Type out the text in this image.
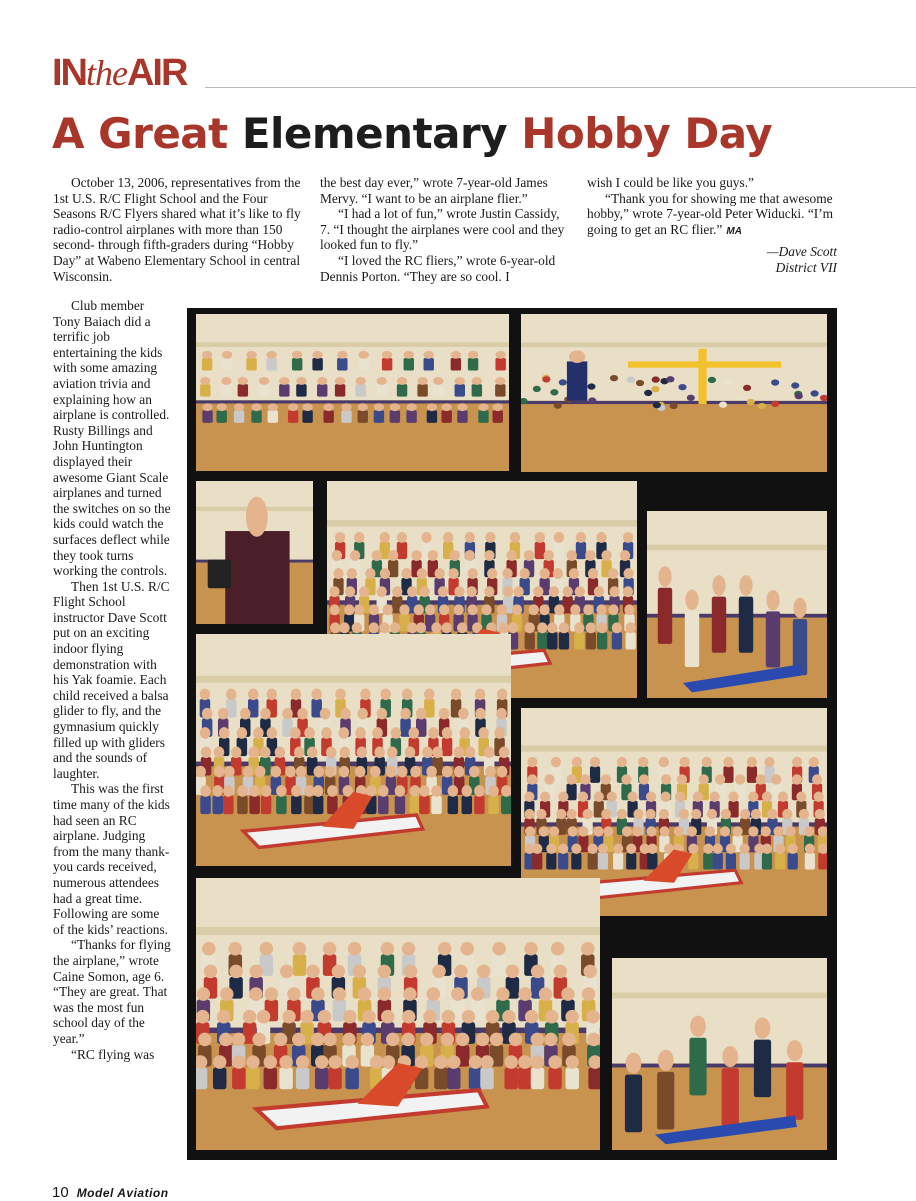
IN the AIR
A Great Elementary Hobby Day

October 13, 2006, representatives from the 1st U.S. R/C Flight School and the Four Seasons R/C Flyers shared what it’s like to fly radio-control airplanes with more than 150 second- through fifth-graders during “Hobby Day” at Wabeno Elementary School in central Wisconsin.

Club member Tony Baiach did a terrific job entertaining the kids with some amazing aviation trivia and explaining how an airplane is controlled. Rusty Billings and John Huntington displayed their awesome Giant Scale airplanes and turned the switches on so the kids could watch the surfaces deflect while they took turns working the controls.

Then 1st U.S. R/C Flight School instructor Dave Scott put on an exciting indoor flying demonstration with his Yak foamie. Each child received a balsa glider to fly, and the gymnasium quickly filled up with gliders and the sounds of laughter.

This was the first time many of the kids had seen an RC airplane. Judging from the many thank-you cards received, numerous attendees had a great time. Following are some of the kids’ reactions.

“Thanks for flying the airplane,” wrote Caine Somon, age 6. “They are great. That was the most fun school day of the year.”

“RC flying was

the best day ever,” wrote 7-year-old James Mervy. “I want to be an airplane flier.”

“I had a lot of fun,” wrote Justin Cassidy, 7. “I thought the airplanes were cool and they looked fun to fly.”

“I loved the RC fliers,” wrote 6-year-old Dennis Porton. “They are so cool. I

wish I could be like you guys.”

“Thank you for showing me that awesome hobby,” wrote 7-year-old Peter Widucki. “I’m going to get an RC flier.” MA

—Dave Scott
District VII
10 Model Aviation
